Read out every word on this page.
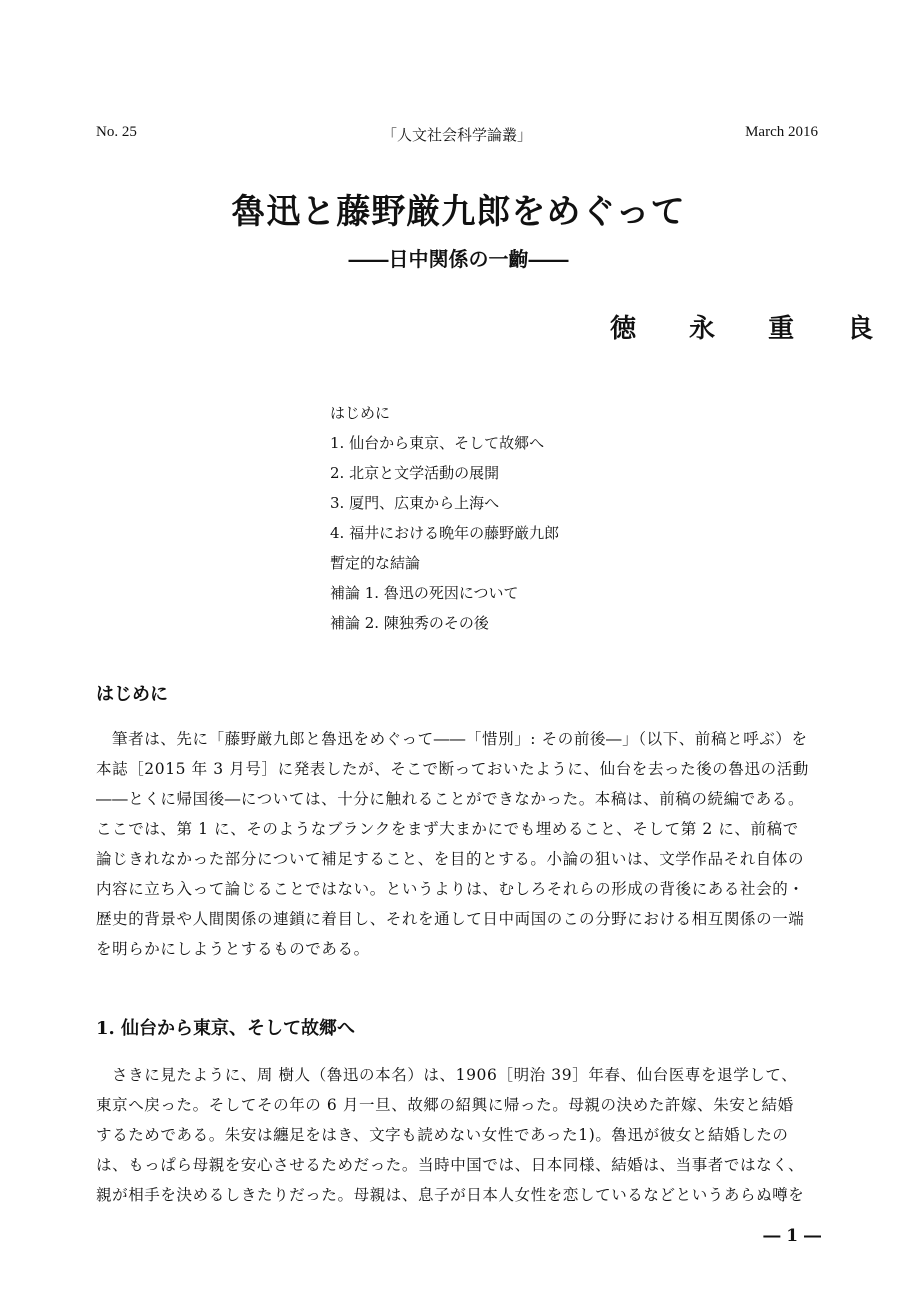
No. 25	「人文社会科学論叢」	March 2016
魯迅と藤野厳九郎をめぐって
――日中関係の一齣――
徳 永 重 良
はじめに
1. 仙台から東京、そして故郷へ
2. 北京と文学活動の展開
3. 厦門、広東から上海へ
4. 福井における晩年の藤野厳九郎
暫定的な結論
補論 1. 魯迅の死因について
補論 2. 陳独秀のその後
はじめに
筆者は、先に「藤野厳九郎と魯迅をめぐって――「惜別」: その前後―」（以下、前稿と呼ぶ）を
本誌［2015 年 3 月号］に発表したが、そこで断っておいたように、仙台を去った後の魯迅の活動
――とくに帰国後―については、十分に触れることができなかった。本稿は、前稿の続編である。
ここでは、第 1 に、そのようなブランクをまず大まかにでも埋めること、そして第 2 に、前稿で
論じきれなかった部分について補足すること、を目的とする。小論の狙いは、文学作品それ自体の
内容に立ち入って論じることではない。というよりは、むしろそれらの形成の背後にある社会的・
歴史的背景や人間関係の連鎖に着目し、それを通して日中両国のこの分野における相互関係の一端
を明らかにしようとするものである。
1. 仙台から東京、そして故郷へ
さきに見たように、周 樹人（魯迅の本名）は、1906［明治 39］年春、仙台医専を退学して、
東京へ戻った。そしてその年の 6 月一旦、故郷の紹興に帰った。母親の決めた許嫁、朱安と結婚
するためである。朱安は纏足をはき、文字も読めない女性であった1)。魯迅が彼女と結婚したの
は、もっぱら母親を安心させるためだった。当時中国では、日本同様、結婚は、当事者ではなく、
親が相手を決めるしきたりだった。母親は、息子が日本人女性を恋しているなどというあらぬ噂を
― 1 ―
